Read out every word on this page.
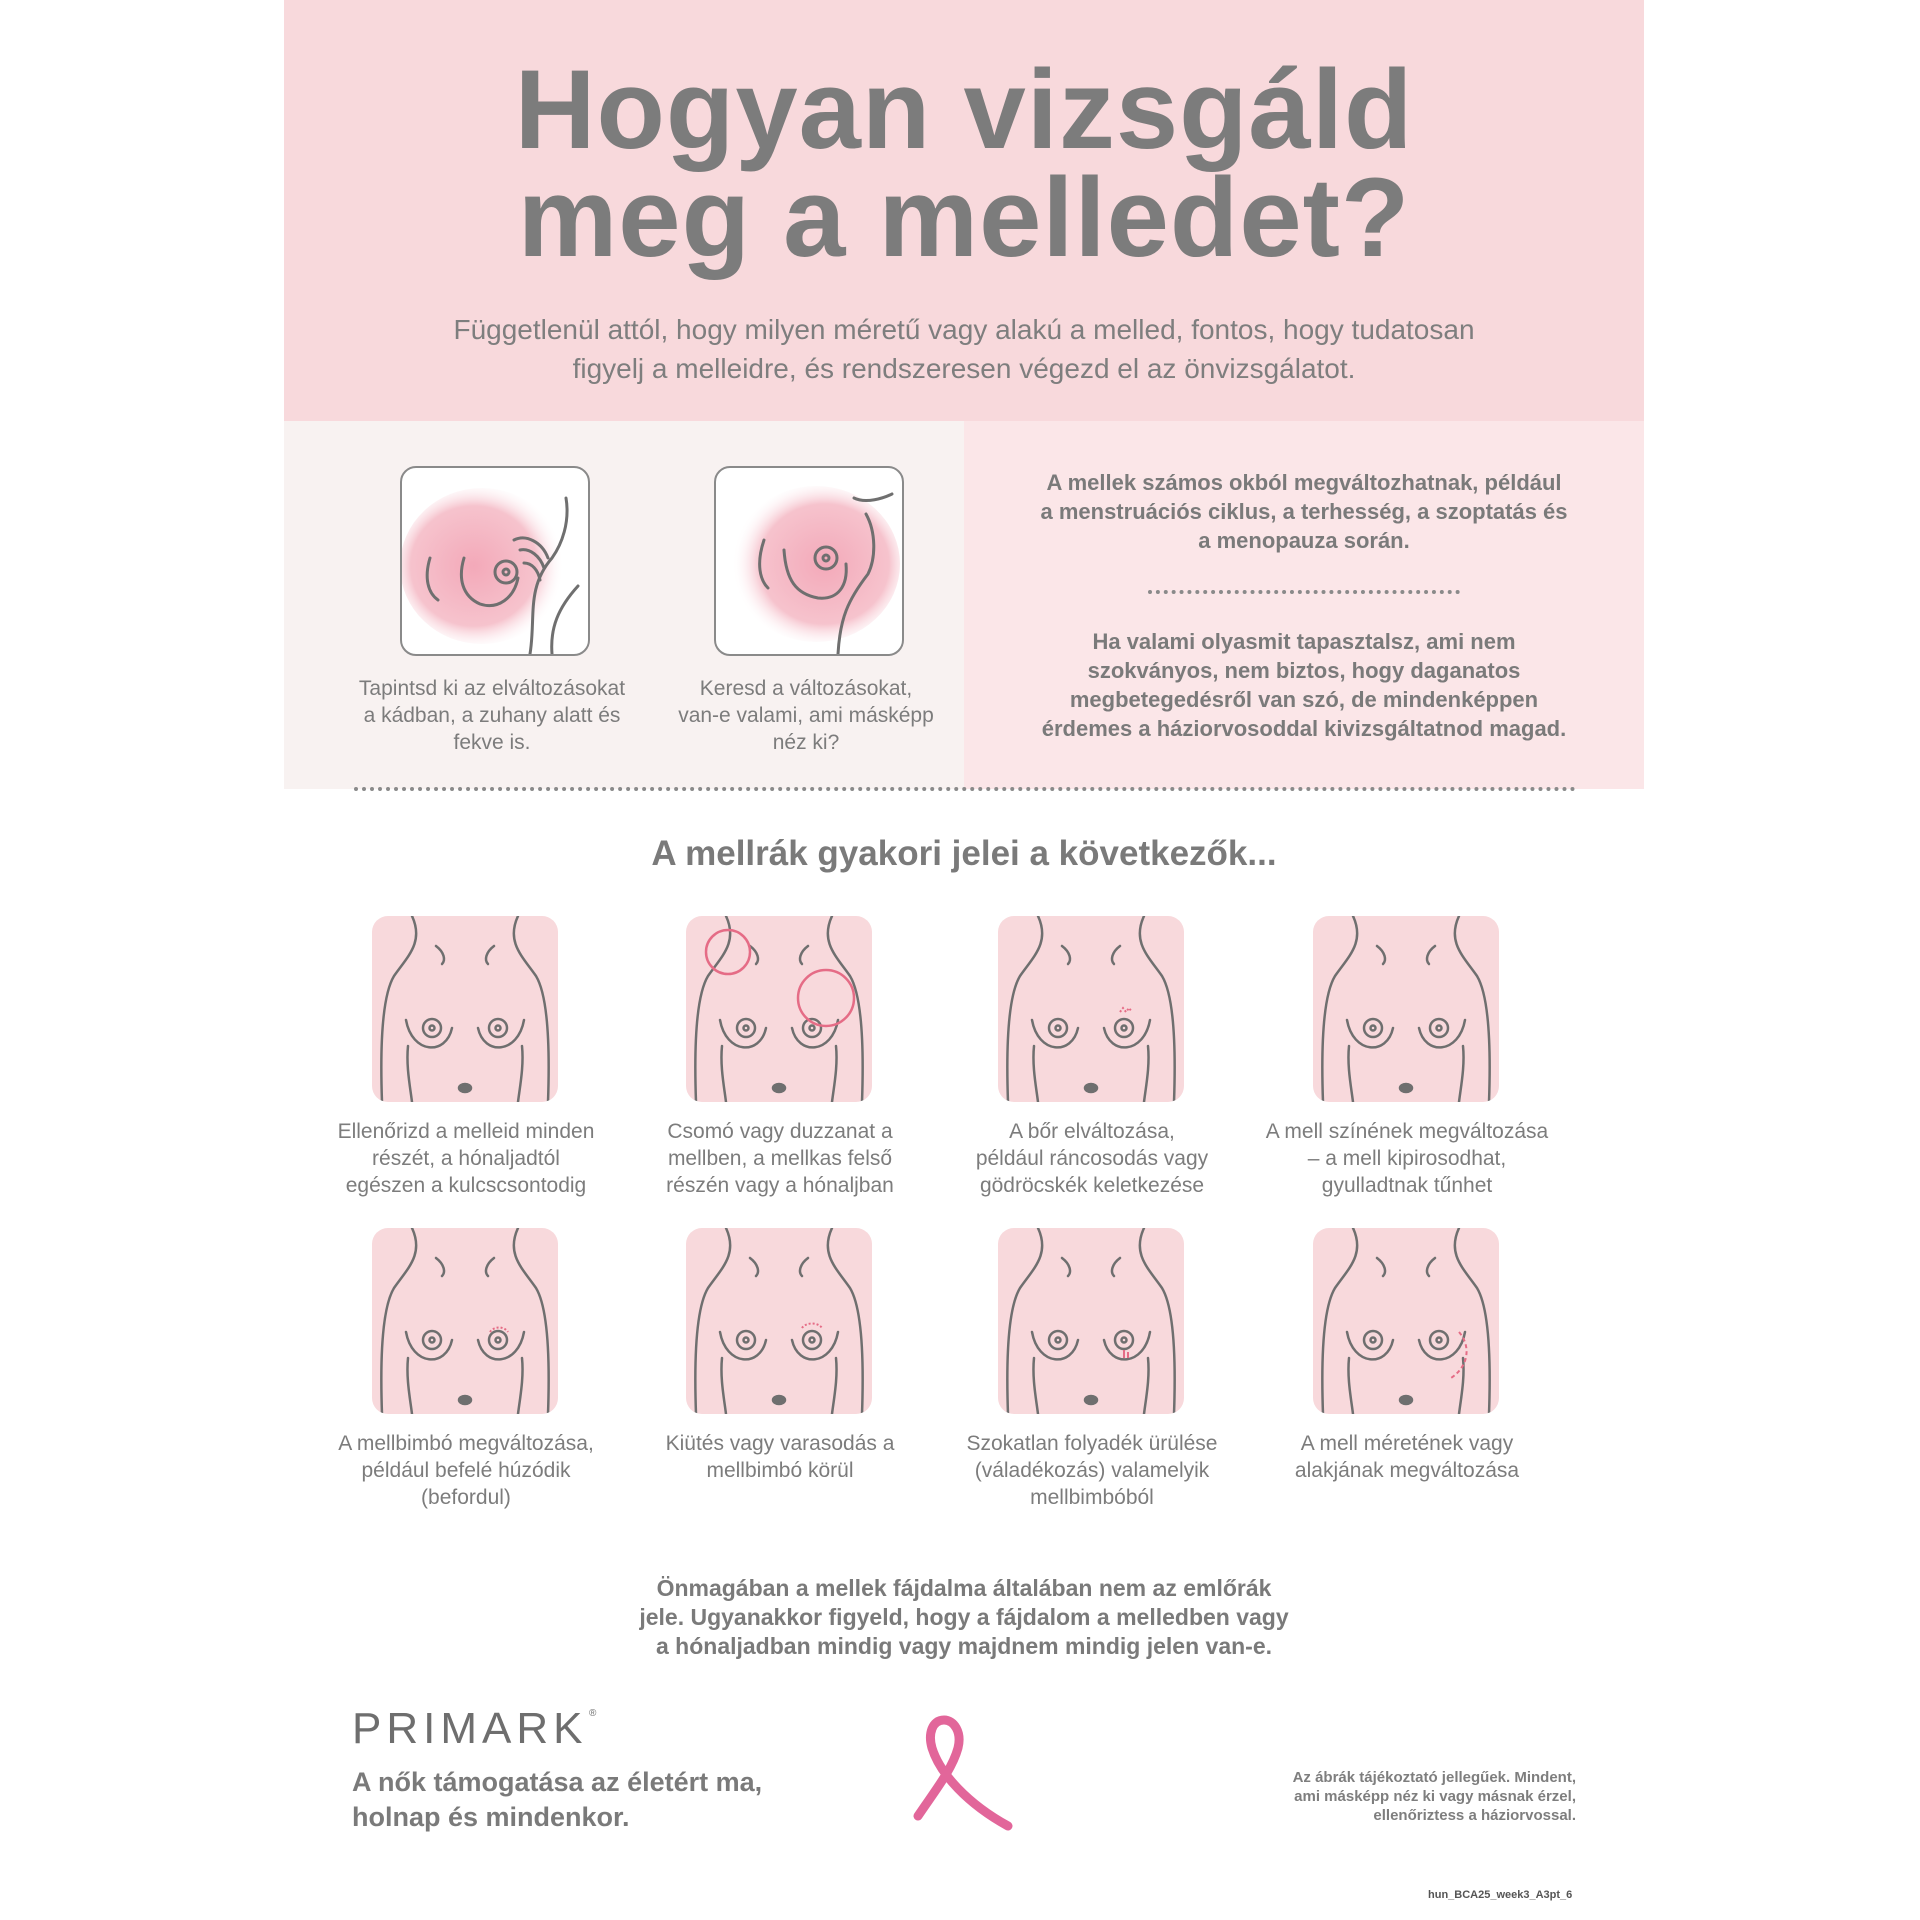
Hogyan vizsgáld
meg a melledet?

Függetlenül attól, hogy milyen méretű vagy alakú a melled, fontos, hogy tudatosan
figyelj a melleidre, és rendszeresen végezd el az önvizsgálatot.

Tapintsd ki az elváltozásokat
a kádban, a zuhany alatt és
fekve is.

Keresd a változásokat,
van-e valami, ami másképp
néz ki?

A mellek számos okból megváltozhatnak, például
a menstruációs ciklus, a terhesség, a szoptatás és
a menopauza során.

Ha valami olyasmit tapasztalsz, ami nem
szokványos, nem biztos, hogy daganatos
megbetegedésről van szó, de mindenképpen
érdemes a háziorvosoddal kivizsgáltatnod magad.

A mellrák gyakori jelei a következők...

Ellenőrizd a melleid minden
részét, a hónaljadtól
egészen a kulcscsontodig

Csomó vagy duzzanat a
mellben, a mellkas felső
részén vagy a hónaljban

A bőr elváltozása,
például ráncosodás vagy
gödröcskék keletkezése

A mell színének megváltozása
– a mell kipirosodhat,
gyulladtnak tűnhet

A mellbimbó megváltozása,
például befelé húzódik
(befordul)

Kiütés vagy varasodás a
mellbimbó körül

Szokatlan folyadék ürülése
(váladékozás) valamelyik
mellbimbóból

A mell méretének vagy
alakjának megváltozása

Önmagában a mellek fájdalma általában nem az emlőrák
jele. Ugyanakkor figyeld, hogy a fájdalom a melledben vagy
a hónaljadban mindig vagy majdnem mindig jelen van-e.

PRIMARK ®

A nők támogatása az életért ma,
holnap és mindenkor.

Az ábrák tájékoztató jellegűek. Mindent,
ami másképp néz ki vagy másnak érzel,
ellenőriztess a háziorvossal.

hun_BCA25_week3_A3pt_6
